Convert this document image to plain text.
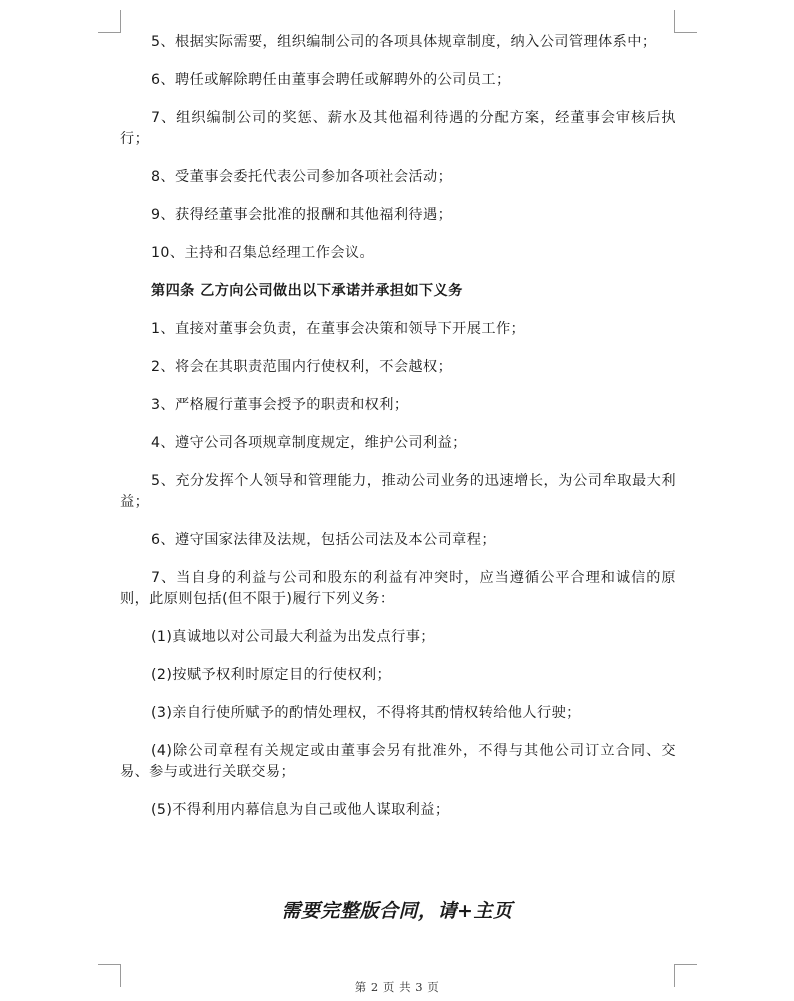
5、根据实际需要，组织编制公司的各项具体规章制度，纳入公司管理体系中；

6、聘任或解除聘任由董事会聘任或解聘外的公司员工；

7、组织编制公司的奖惩、薪水及其他福利待遇的分配方案，经董事会审核后执行；

8、受董事会委托代表公司参加各项社会活动；

9、获得经董事会批准的报酬和其他福利待遇；

10、主持和召集总经理工作会议。

第四条 乙方向公司做出以下承诺并承担如下义务

1、直接对董事会负责，在董事会决策和领导下开展工作；

2、将会在其职责范围内行使权利，不会越权；

3、严格履行董事会授予的职责和权利；

4、遵守公司各项规章制度规定，维护公司利益；

5、充分发挥个人领导和管理能力，推动公司业务的迅速增长，为公司牟取最大利益；

6、遵守国家法律及法规，包括公司法及本公司章程；

7、当自身的利益与公司和股东的利益有冲突时，应当遵循公平合理和诚信的原则，此原则包括(但不限于)履行下列义务：

(1)真诚地以对公司最大利益为出发点行事；

(2)按赋予权利时原定目的行使权利；

(3)亲自行使所赋予的酌情处理权，不得将其酌情权转给他人行驶；

(4)除公司章程有关规定或由董事会另有批准外，不得与其他公司订立合同、交易、参与或进行关联交易；

(5)不得利用内幕信息为自己或他人谋取利益；

需要完整版合同，请+主页
第 2 页 共 3 页
